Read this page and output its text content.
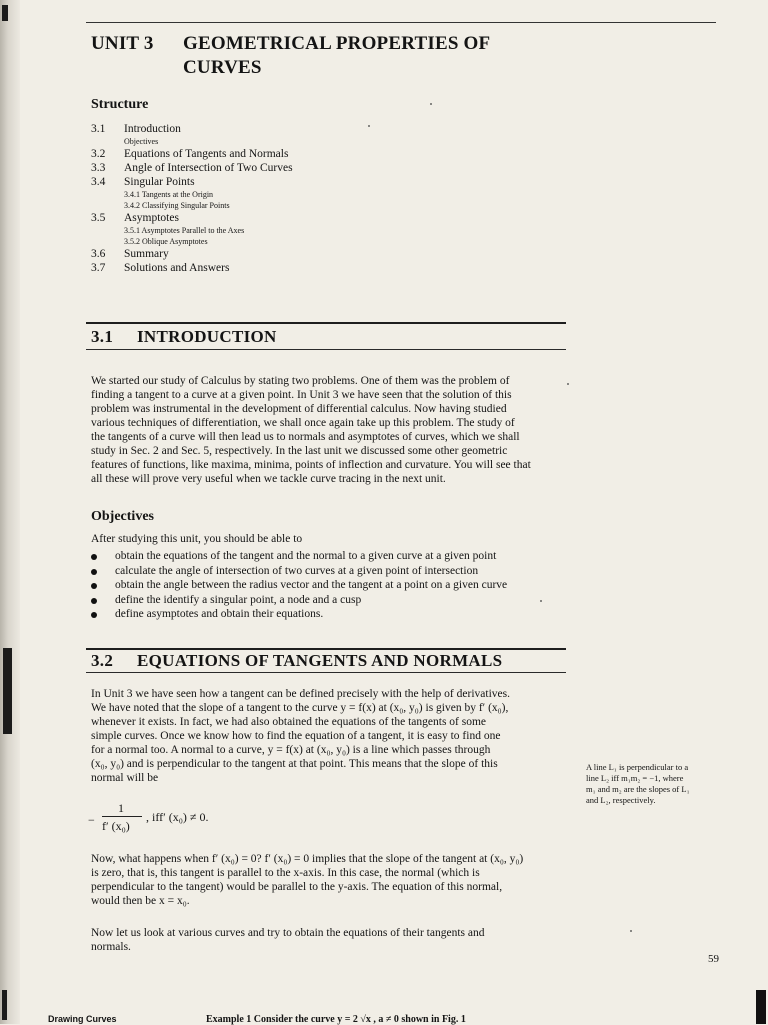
UNIT 3 GEOMETRICAL PROPERTIES OF CURVES
Structure
3.1 Introduction
Objectives
3.2 Equations of Tangents and Normals
3.3 Angle of Intersection of Two Curves
3.4 Singular Points
3.4.1 Tangents at the Origin
3.4.2 Classifying Singular Points
3.5 Asymptotes
3.5.1 Asymptotes Parallel to the Axes
3.5.2 Oblique Asymptotes
3.6 Summary
3.7 Solutions and Answers
3.1 INTRODUCTION
We started our study of Calculus by stating two problems. One of them was the problem of
finding a tangent to a curve at a given point. In Unit 3 we have seen that the solution of this
problem was instrumental in the development of differential calculus. Now having studied
various techniques of differentiation, we shall once again take up this problem. The study of
the tangents of a curve will then lead us to normals and asymptotes of curves, which we shall
study in Sec. 2 and Sec. 5, respectively. In the last unit we discussed some other geometric
features of functions, like maxima, minima, points of inflection and curvature. You will see that
all these will prove very useful when we tackle curve tracing in the next unit.
Objectives
After studying this unit, you should be able to
obtain the equations of the tangent and the normal to a given curve at a given point
calculate the angle of intersection of two curves at a given point of intersection
obtain the angle between the radius vector and the tangent at a point on a given curve
define the identify a singular point, a node and a cusp
define asymptotes and obtain their equations.
3.2 EQUATIONS OF TANGENTS AND NORMALS
In Unit 3 we have seen how a tangent can be defined precisely with the help of derivatives.
We have noted that the slope of a tangent to the curve y = f(x) at (x₀, y₀) is given by f′ (x₀),
whenever it exists. In fact, we had also obtained the equations of the tangents of some
simple curves. Once we know how to find the equation of a tangent, it is easy to find one
for a normal too. A normal to a curve, y = f(x) at (x₀, y₀) is a line which passes through
(x₀, y₀) and is perpendicular to the tangent at that point. This means that the slope of this
normal will be
A line L₁ is perpendicular to a
line L₂ iff m₁m₂ = −1, where
m₁ and m₂ are the slopes of L₁
and L₂, respectively.
−
1
f′ (x₀)
, iff′ (x₀) ≠ 0.
Now, what happens when f′ (x₀) = 0? f′ (x₀) = 0 implies that the slope of the tangent at (x₀, y₀)
is zero, that is, this tangent is parallel to the x-axis. In this case, the normal (which is
perpendicular to the tangent) would be parallel to the y-axis. The equation of this normal,
would then be x = x₀.
Now let us look at various curves and try to obtain the equations of their tangents and
normals.
59
Drawing Curves	Example 1 Consider the curve y = 2 √x , a ≠ 0 shown in Fig. 1
